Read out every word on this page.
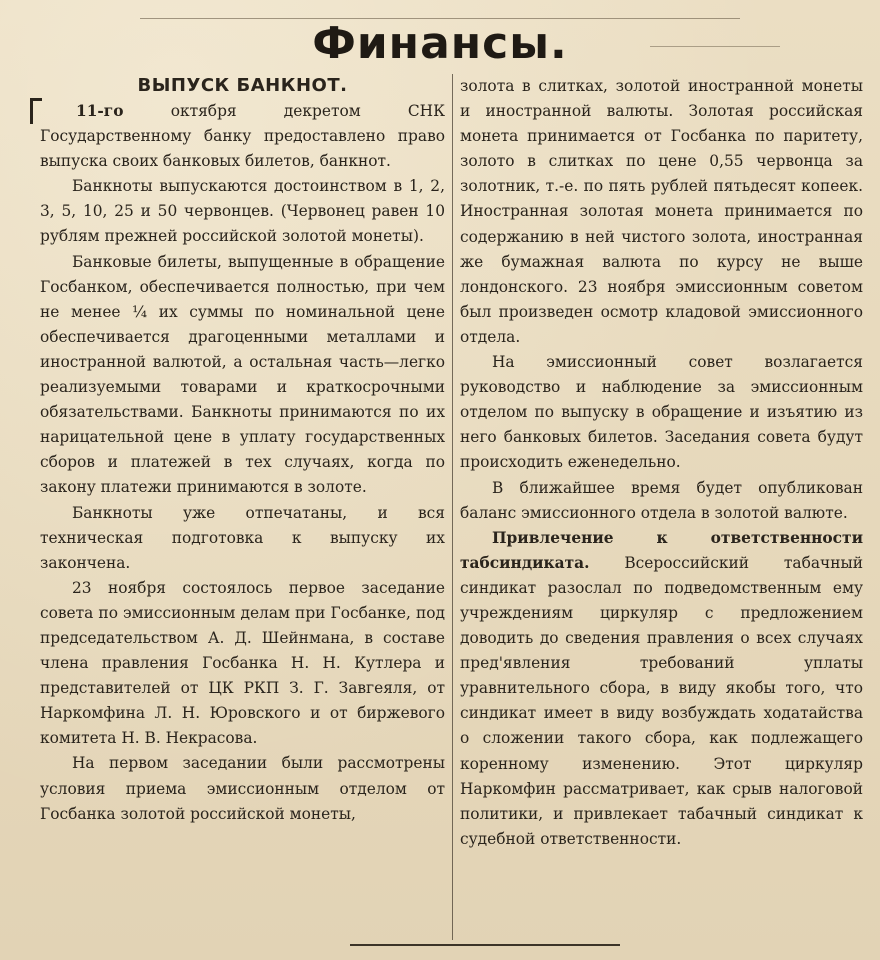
Финансы.
ВЫПУСК БАНКНОТ.

11-го октября декретом СНК Государственному банку предоставлено право выпуска своих банковых билетов, банкнот.

Банкноты выпускаются достоинством в 1, 2, 3, 5, 10, 25 и 50 червонцев. (Червонец равен 10 рублям прежней российской золотой монеты).

Банковые билеты, выпущенные в обращение Госбанком, обеспечивается полностью, при чем не менее ¼ их суммы по номинальной цене обеспечивается драгоценными металлами и иностранной валютой, а остальная часть—легко реализуемыми товарами и краткосрочными обязательствами. Банкноты принимаются по их нарицательной цене в уплату государственных сборов и платежей в тех случаях, когда по закону платежи принимаются в золоте.

Банкноты уже отпечатаны, и вся техническая подготовка к выпуску их закончена.

23 ноября состоялось первое заседание совета по эмиссионным делам при Госбанке, под председательством А. Д. Шейнмана, в составе члена правления Госбанка Н. Н. Кутлера и представителей от ЦК РКП З. Г. Завгеяля, от Наркомфина Л. Н. Юровского и от биржевого комитета Н. В. Некрасова.

На первом заседании были рассмотрены условия приема эмиссионным отделом от Госбанка золотой российской монеты,

золота в слитках, золотой иностранной монеты и иностранной валюты. Золотая российская монета принимается от Госбанка по паритету, золото в слитках по цене 0,55 червонца за золотник, т.-е. по пять рублей пятьдесят копеек. Иностранная золотая монета принимается по содержанию в ней чистого золота, иностранная же бумажная валюта по курсу не выше лондонского. 23 ноября эмиссионным советом был произведен осмотр кладовой эмиссионного отдела.

На эмиссионный совет возлагается руководство и наблюдение за эмиссионным отделом по выпуску в обращение и изъятию из него банковых билетов. Заседания совета будут происходить еженедельно.

В ближайшее время будет опубликован баланс эмиссионного отдела в золотой валюте.

Привлечение к ответственности табсиндиката. Всероссийский табачный синдикат разослал по подведомственным ему учреждениям циркуляр с предложением доводить до сведения правления о всех случаях пред'явления требований уплаты уравнительного сбора, в виду якобы того, что синдикат имеет в виду возбуждать ходатайства о сложении такого сбора, как подлежащего коренному изменению. Этот циркуляр Наркомфин рассматривает, как срыв налоговой политики, и привлекает табачный синдикат к судебной ответственности.
